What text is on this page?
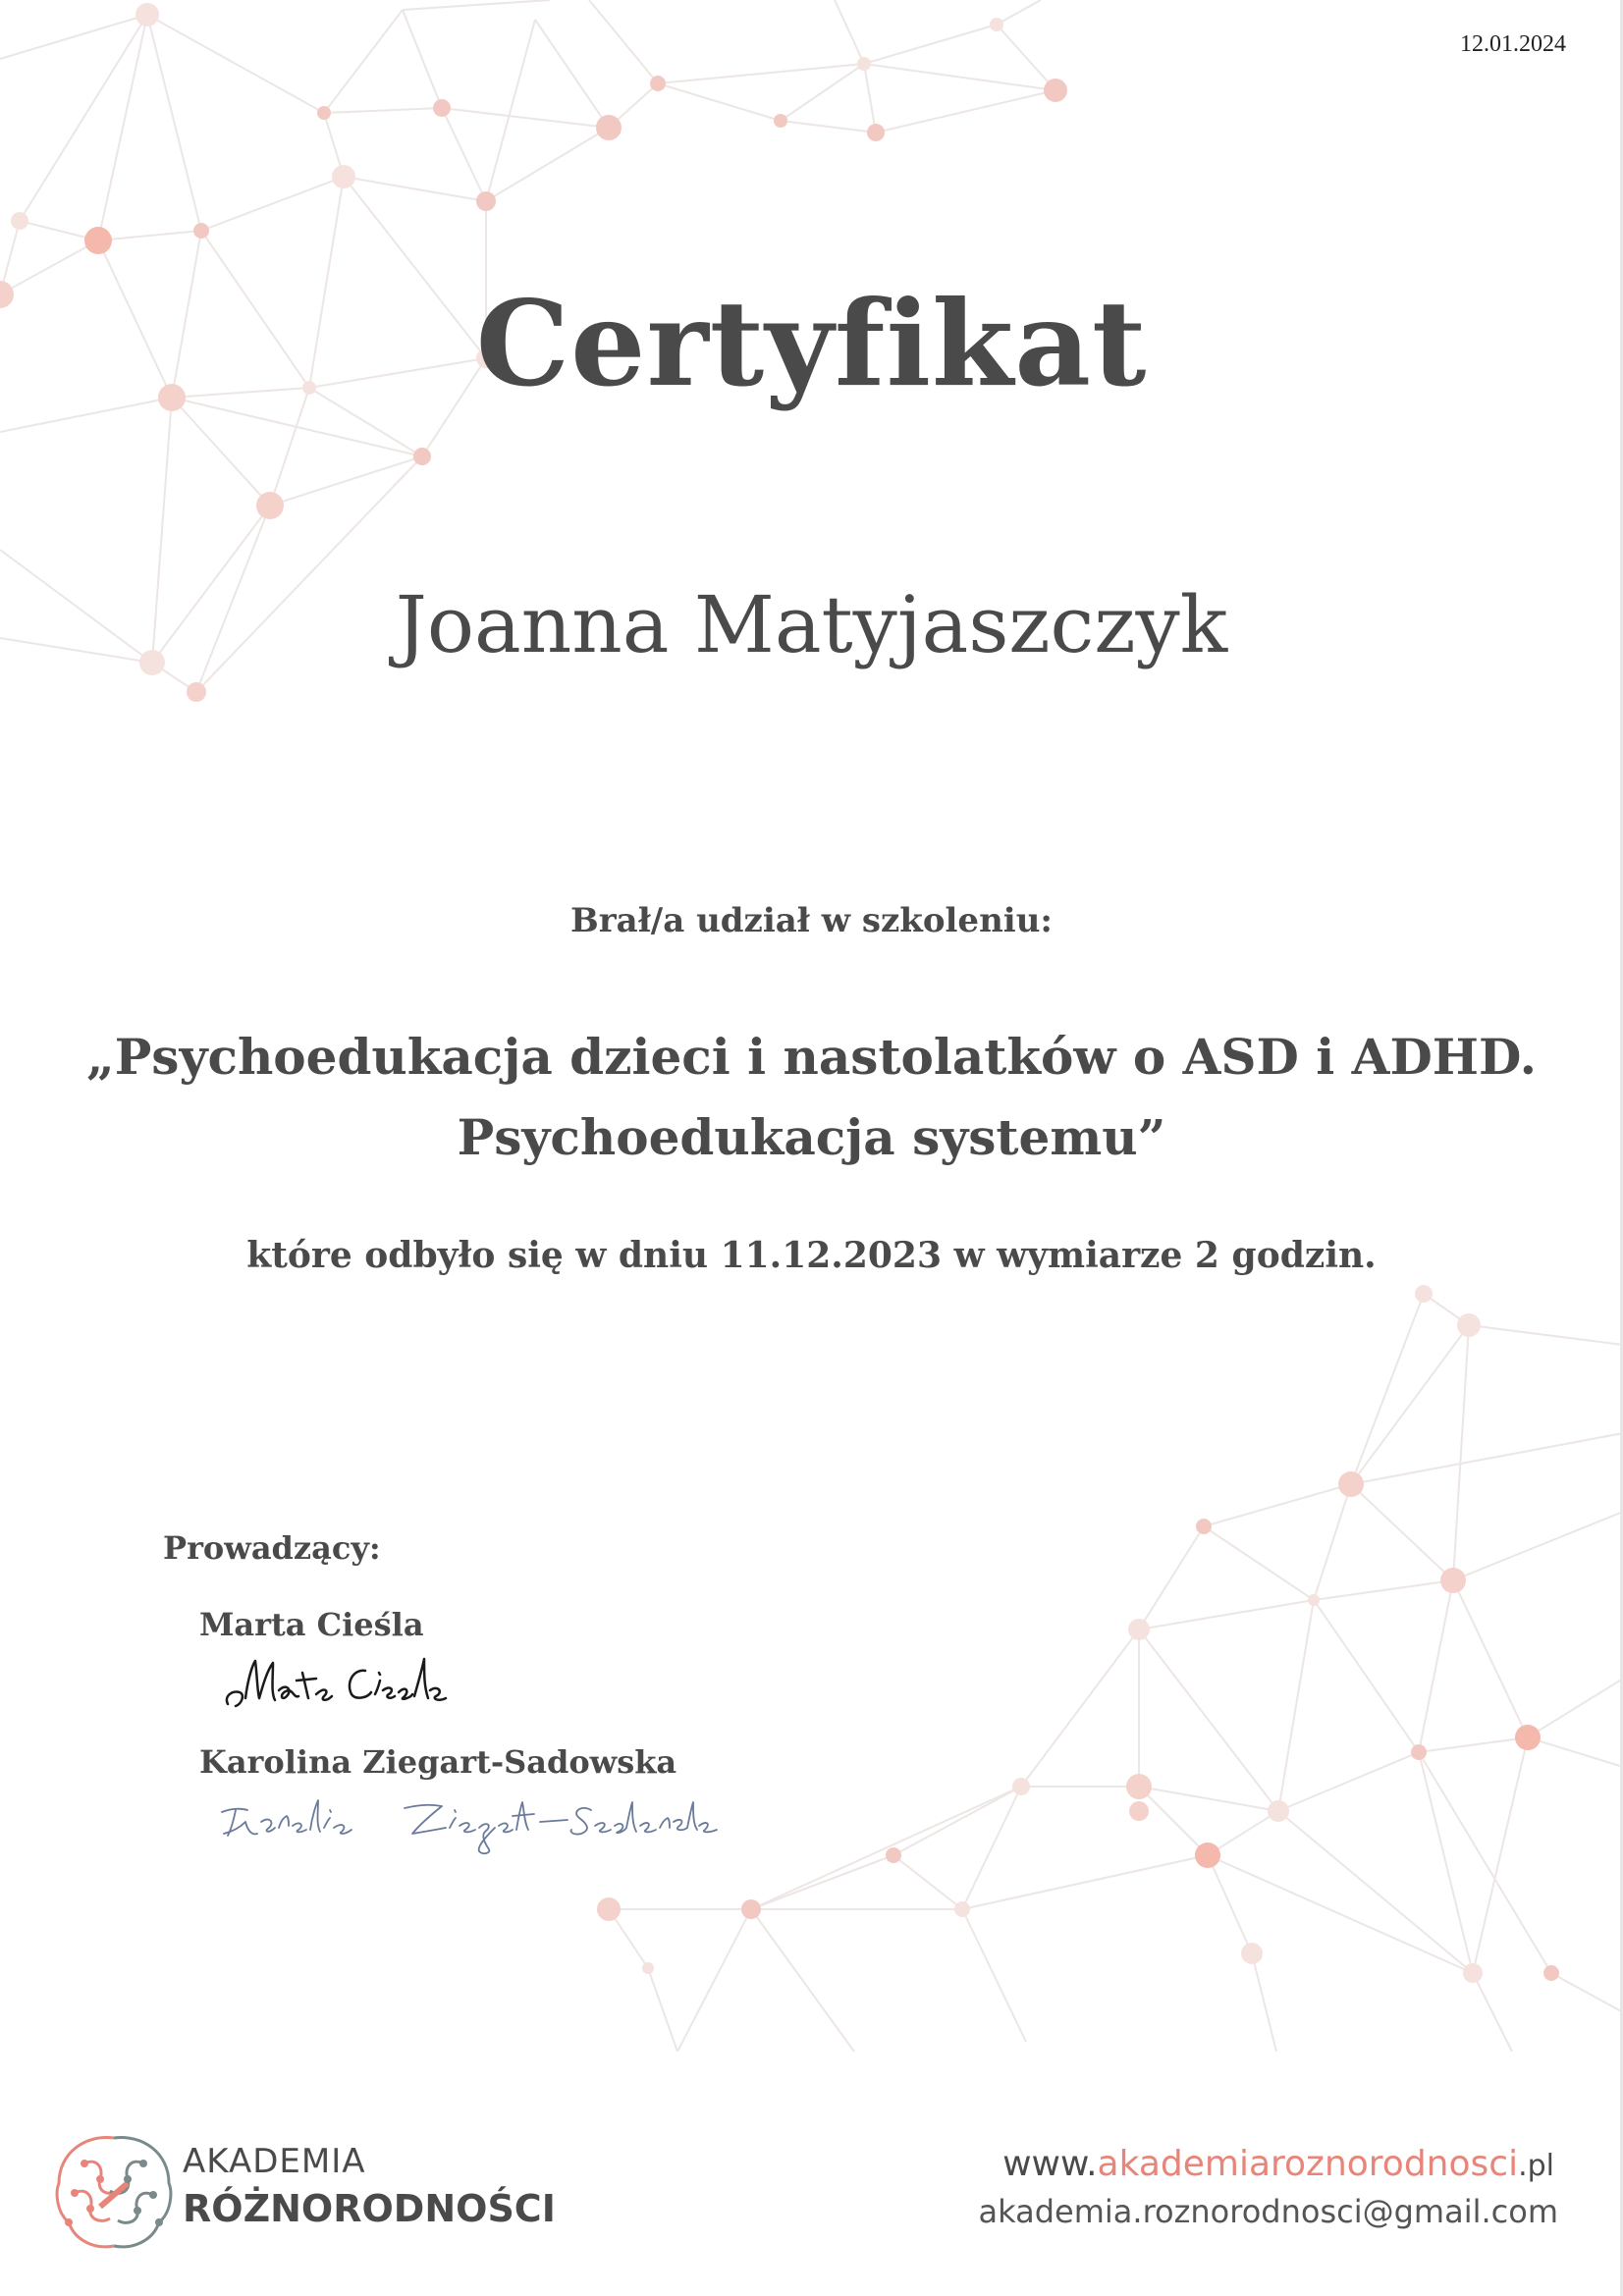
12.01.2024
Certyfikat
Joanna Matyjaszczyk
Brał/a udział w szkoleniu:
„Psychoedukacja dzieci i nastolatków o ASD i ADHD.
Psychoedukacja systemu”
które odbyło się w dniu 11.12.2023 w wymiarze 2 godzin.
Prowadzący:
Marta Cieśla
Karolina Ziegart-Sadowska
AKADEMIA
RÓŻNORODNOŚCI
www.akademiaroznorodnosci.pl
akademia.roznorodnosci@gmail.com
